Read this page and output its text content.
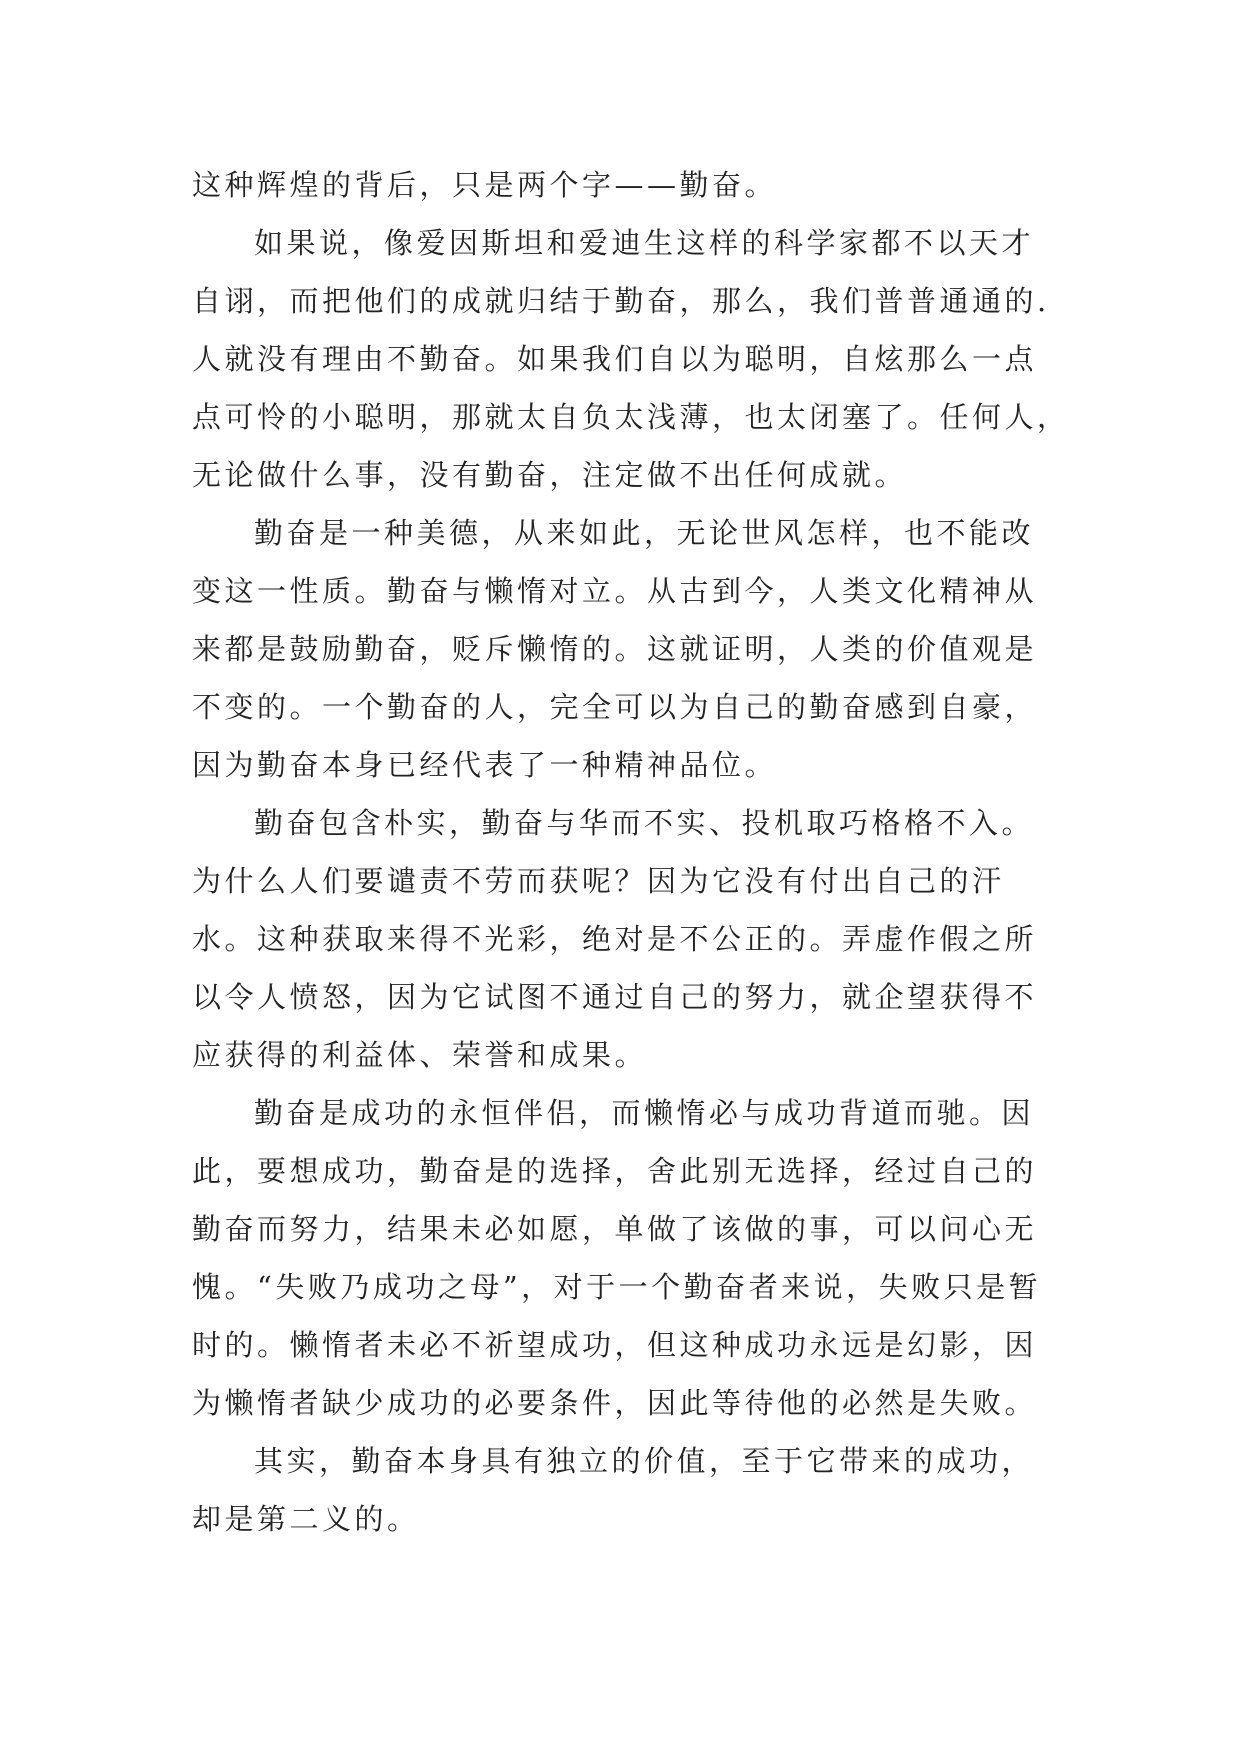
这种辉煌的背后，只是两个字——勤奋。
如果说，像爱因斯坦和爱迪生这样的科学家都不以天才
自诩，而把他们的成就归结于勤奋，那么，我们普普通通的.
人就没有理由不勤奋。如果我们自以为聪明，自炫那么一点
点可怜的小聪明，那就太自负太浅薄，也太闭塞了。任何人，
无论做什么事，没有勤奋，注定做不出任何成就。
勤奋是一种美德，从来如此，无论世风怎样，也不能改
变这一性质。勤奋与懒惰对立。从古到今，人类文化精神从
来都是鼓励勤奋，贬斥懒惰的。这就证明，人类的价值观是
不变的。一个勤奋的人，完全可以为自己的勤奋感到自豪，
因为勤奋本身已经代表了一种精神品位。
勤奋包含朴实，勤奋与华而不实、投机取巧格格不入。
为什么人们要谴责不劳而获呢？因为它没有付出自己的汗
水。这种获取来得不光彩，绝对是不公正的。弄虚作假之所
以令人愤怒，因为它试图不通过自己的努力，就企望获得不
应获得的利益体、荣誉和成果。
勤奋是成功的永恒伴侣，而懒惰必与成功背道而驰。因
此，要想成功，勤奋是的选择，舍此别无选择，经过自己的
勤奋而努力，结果未必如愿，单做了该做的事，可以问心无
愧。“失败乃成功之母”，对于一个勤奋者来说，失败只是暂
时的。懒惰者未必不祈望成功，但这种成功永远是幻影，因
为懒惰者缺少成功的必要条件，因此等待他的必然是失败。
其实，勤奋本身具有独立的价值，至于它带来的成功，
却是第二义的。
